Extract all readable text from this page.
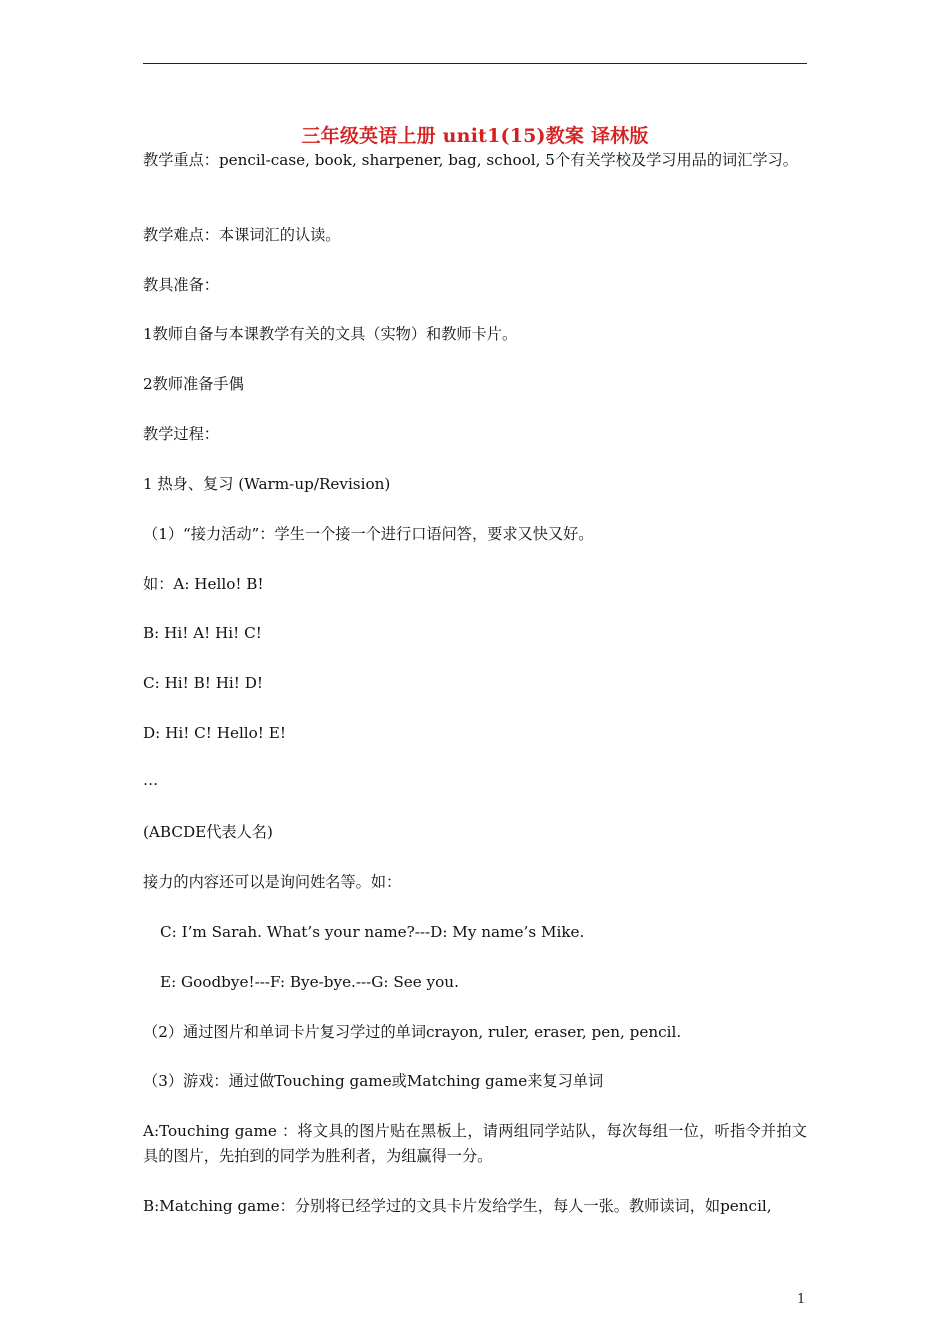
三年级英语上册 unit1(15)教案 译林版
教学重点：pencil-case, book, sharpener, bag, school, 5个有关学校及学习用品的词汇学习。
教学难点：本课词汇的认读。
教具准备：
1教师自备与本课教学有关的文具（实物）和教师卡片。
2教师准备手偶
教学过程：
1 热身、复习 (Warm-up/Revision)
（1）“接力活动”：学生一个接一个进行口语问答，要求又快又好。
如：A: Hello! B!
B: Hi! A! Hi! C!
C: Hi! B! Hi! D!
D: Hi! C! Hello! E!
…
(ABCDE代表人名)
接力的内容还可以是询问姓名等。如：
C: I’m Sarah. What’s your name?---D: My name’s Mike.
E: Goodbye!---F: Bye-bye.---G: See you.
（2）通过图片和单词卡片复习学过的单词crayon, ruler, eraser, pen, pencil.
（3）游戏：通过做Touching game或Matching game来复习单词
A:Touching game ：将文具的图片贴在黑板上，请两组同学站队，每次每组一位，听指令并拍文具的图片，先拍到的同学为胜利者，为组赢得一分。
B:Matching game：分别将已经学过的文具卡片发给学生，每人一张。教师读词，如pencil,
1
